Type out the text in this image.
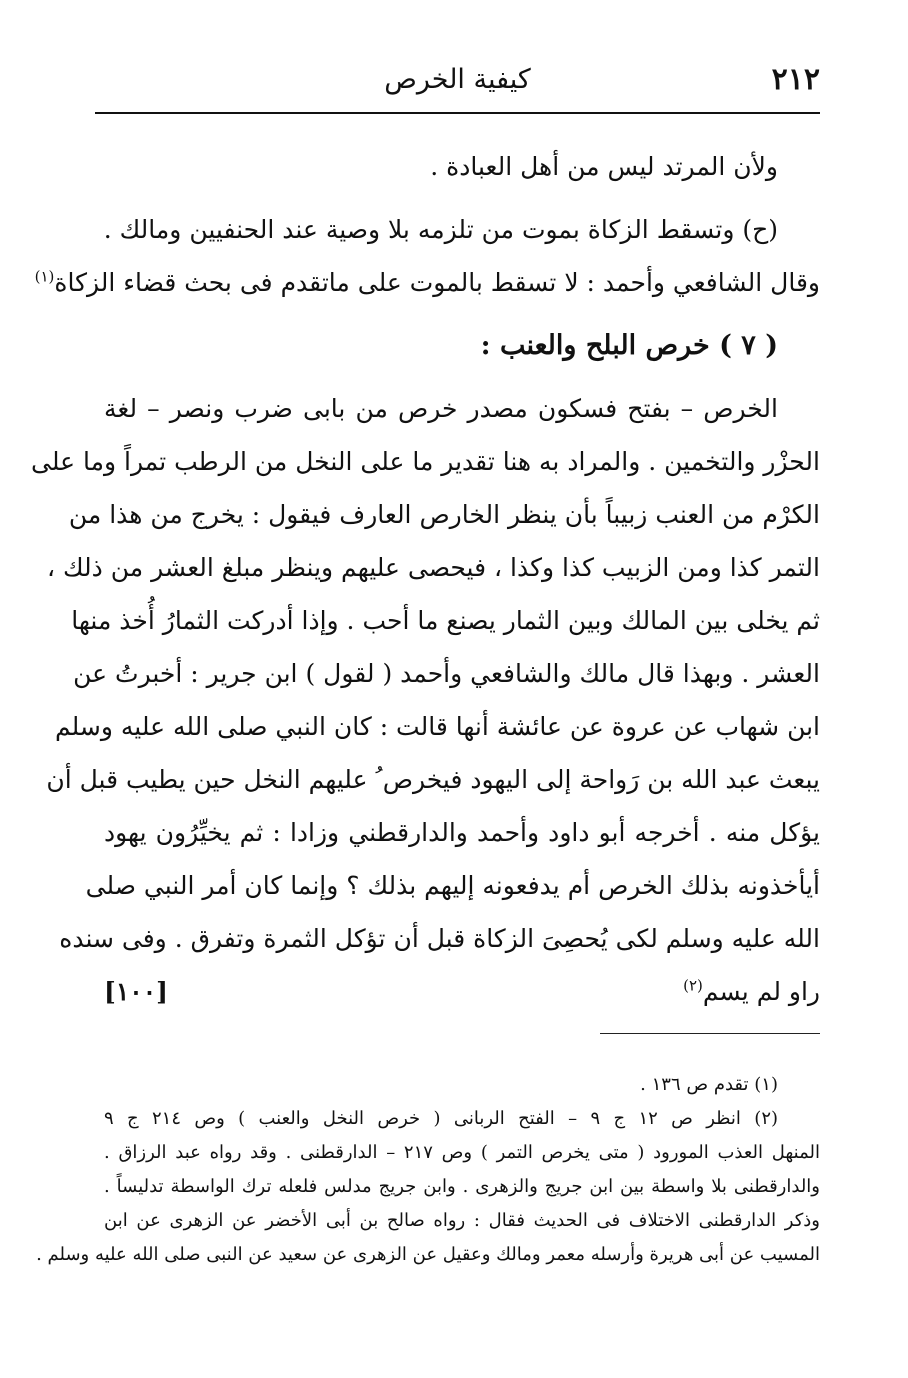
٢١٢
كيفية الخرص
ولأن المرتد ليس من أهل العبادة .
(ح) وتسقط الزكاة بموت من تلزمه بلا وصية عند الحنفيين ومالك .
وقال الشافعي وأحمد : لا تسقط بالموت على ماتقدم فى بحث قضاء الزكاة$^{(١)}$
( ٧ ) خرص البلح والعنب :
الخرص – بفتح فسكون مصدر خرص من بابى ضرب ونصر – لغة
الحزْر والتخمين . والمراد به هنا تقدير ما على النخل من الرطب تمراً وما على
الكرْم من العنب زبيباً بأن ينظر الخارص العارف فيقول : يخرج من هذا من
التمر كذا ومن الزبيب كذا وكذا ، فيحصى عليهم وينظر مبلغ العشر من ذلك ،
ثم يخلى بين المالك وبين الثمار يصنع ما أحب . وإذا أدركت الثمارُ أُخذ منها
العشر . وبهذا قال مالك والشافعي وأحمد ( لقول ) ابن جرير : أخبرتُ عن
ابن شهاب عن عروة عن عائشة أنها قالت : كان النبي صلى الله عليه وسلم
يبعث عبد الله بن رَواحة إلى اليهود فيخرص ُ عليهم النخل حين يطيب قبل أن
يؤكل منه . أخرجه أبو داود وأحمد والدارقطني وزادا : ثم يخيِّرُون يهود
أيأخذونه بذلك الخرص أم يدفعونه إليهم بذلك ؟ وإنما كان أمر النبي صلى
الله عليه وسلم لكى يُحصِىَ الزكاة قبل أن تؤكل الثمرة وتفرق . وفى سنده
راو لم يسم$^{(٢)}$
[١٠٠]
(١) تقدم ص ١٣٦ .
(٢) انظر ص ١٢ ج ٩ – الفتح الربانى ( خرص النخل والعنب ) وص ٢١٤ ج ٩
المنهل العذب المورود ( متى يخرص التمر ) وص ٢١٧ – الدارقطنى . وقد رواه عبد الرزاق .
والدارقطنى بلا واسطة بين ابن جريج والزهرى . وابن جريج مدلس فلعله ترك الواسطة تدليساً .
وذكر الدارقطنى الاختلاف فى الحديث فقال : رواه صالح بن أبى الأخضر عن الزهرى عن ابن
المسيب عن أبى هريرة وأرسله معمر ومالك وعقيل عن الزهرى عن سعيد عن النبى صلى الله عليه وسلم .
